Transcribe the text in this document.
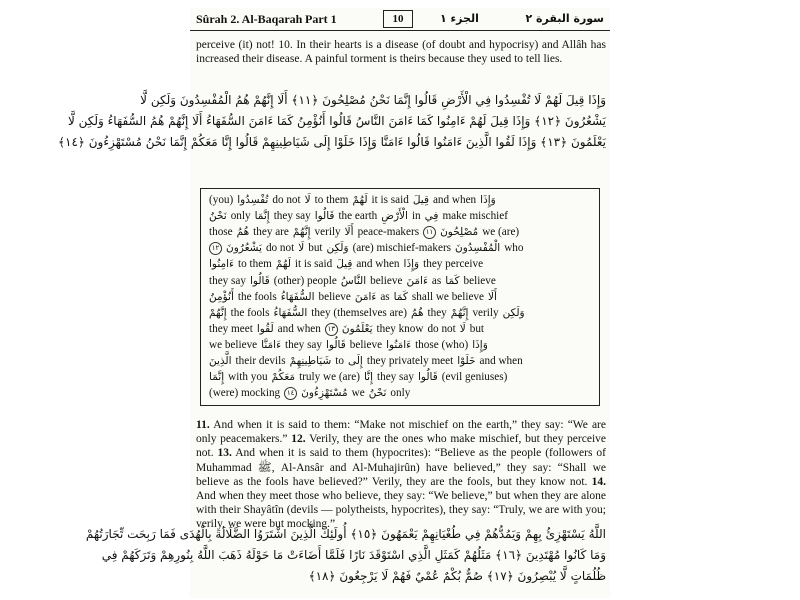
Sûrah 2. Al-Baqarah Part 1	10	الجزء ١	سورة البقرة ٢

perceive (it) not! 10. In their hearts is a disease (of doubt and hypocrisy) and Allâh has increased their disease. A painful torment is theirs because they used to tell lies.

وَإِذَا قِيلَ لَهُمْ لَا تُفْسِدُوا فِي الْأَرْضِ قَالُوا إِنَّمَا نَحْنُ مُصْلِحُونَ ﴿١١﴾ أَلَا إِنَّهُمْ هُمُ الْمُفْسِدُونَ وَلَكِن لَّا
يَشْعُرُونَ ﴿١٢﴾ وَإِذَا قِيلَ لَهُمْ ءَامِنُوا كَمَا ءَامَنَ النَّاسُ قَالُوا أَنُؤْمِنُ كَمَا ءَامَنَ السُّفَهَاءُ أَلَا إِنَّهُمْ هُمُ السُّفَهَاءُ وَلَكِن لَّا
يَعْلَمُونَ ﴿١٣﴾ وَإِذَا لَقُوا الَّذِينَ ءَامَنُوا قَالُوا ءَامَنَّا وَإِذَا خَلَوْا إِلَى شَيَاطِينِهِمْ قَالُوا إِنَّا مَعَكُمْ إِنَّمَا نَحْنُ مُسْتَهْزِءُونَ ﴿١٤﴾
(you) تُفْسِدُوا do not لَا to them لَهُمْ it is said قِيلَ and when وَإِذَا
نَحْنُ only إِنَّمَا they say قَالُوا the earth الْأَرْضِ in فِي make mischief
those هُمُ they are إِنَّهُمْ verily أَلَا peace-makers ١١ مُصْلِحُونَ we (are)
١٢ يَشْعُرُونَ do not لَا but وَلَكِن (are) mischief-makers الْمُفْسِدُونَ who
ءَامِنُوا to them لَهُمْ it is said قِيلَ and when وَإِذَا they perceive
they say قَالُوا (other) people النَّاسُ believe ءَامَنَ as كَمَا believe
أَنُؤْمِنُ the fools السُّفَهَاءُ believe ءَامَنَ as كَمَا shall we believe أَلَا
إِنَّهُمْ the fools السُّفَهَاءُ they (themselves are) هُمُ they إِنَّهُمْ verily وَلَكِن
they meet لَقُوا and when ١٣ يَعْلَمُونَ they know do not لَا but
we believe ءَامَنَّا they say قَالُوا believe ءَامَنُوا those (who) وَإِذَا
الَّذِينَ their devils شَيَاطِينِهِمْ to إِلَى they privately meet خَلَوْا and when
إِنَّمَا with you مَعَكُمْ truly we (are) إِنَّا they say قَالُوا (evil geniuses)
(were) mocking ١٤ مُسْتَهْزِءُونَ we نَحْنُ only

11. And when it is said to them: “Make not mischief on the earth,” they say: “We are only peacemakers.” 12. Verily, they are the ones who make mischief, but they perceive not. 13. And when it is said to them (hypocrites): “Believe as the people (followers of Muhammad ﷺ, Al-Ansâr and Al-Muhajirûn) have believed,” they say: “Shall we believe as the fools have believed?” Verily, they are the fools, but they know not. 14. And when they meet those who believe, they say: “We believe,” but when they are alone with their Shayâtîn (devils — polytheists, hypocrites), they say: “Truly, we are with you; verily, we were but mocking.”

اللَّهُ يَسْتَهْزِئُ بِهِمْ وَيَمُدُّهُمْ فِي طُغْيَانِهِمْ يَعْمَهُونَ ﴿١٥﴾ أُولَئِكَ الَّذِينَ اشْتَرَوُا الضَّلَالَةَ بِالْهُدَى فَمَا رَبِحَت تِّجَارَتُهُمْ
وَمَا كَانُوا مُهْتَدِينَ ﴿١٦﴾ مَثَلُهُمْ كَمَثَلِ الَّذِي اسْتَوْقَدَ نَارًا فَلَمَّا أَضَاءَتْ مَا حَوْلَهُ ذَهَبَ اللَّهُ بِنُورِهِمْ وَتَرَكَهُمْ فِي
ظُلُمَاتٍ لَّا يُبْصِرُونَ ﴿١٧﴾ صُمٌّ بُكْمٌ عُمْيٌ فَهُمْ لَا يَرْجِعُونَ ﴿١٨﴾
